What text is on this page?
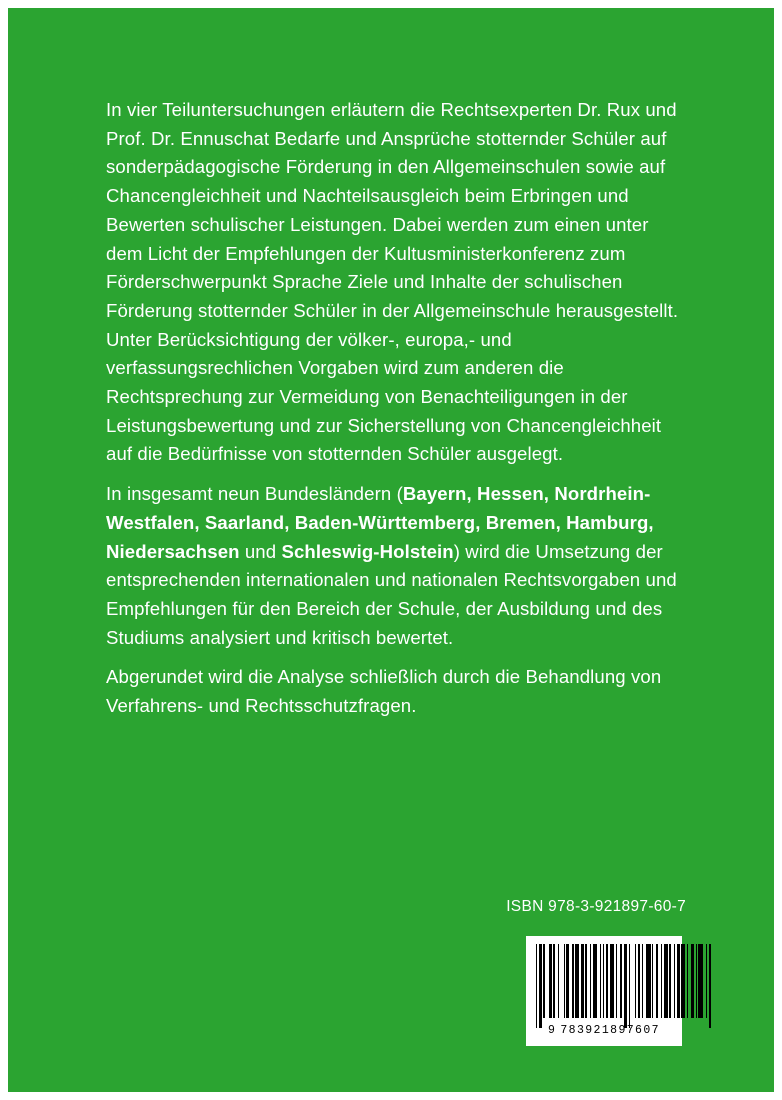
In vier Teiluntersuchungen erläutern die Rechtsexperten Dr. Rux und Prof. Dr. Ennuschat Bedarfe und Ansprüche stotternder Schüler auf sonderpädagogische Förderung in den Allgemeinschulen sowie auf Chancengleichheit und Nachteilsausgleich beim Erbringen und Bewerten schulischer Leistungen. Dabei werden zum einen unter dem Licht der Empfehlungen der Kultusministerkonferenz zum Förderschwerpunkt Sprache Ziele und Inhalte der schulischen Förderung stotternder Schüler in der Allgemeinschule herausgestellt. Unter Berücksichtigung der völker-, europa,- und verfassungsrechlichen Vorgaben wird zum anderen die Rechtsprechung zur Vermeidung von Benachteiligungen in der Leistungsbewertung und zur Sicherstellung von Chancengleichheit auf die Bedürfnisse von stotternden Schüler ausgelegt.

In insgesamt neun Bundesländern (Bayern, Hessen, Nordrhein-Westfalen, Saarland, Baden-Württemberg, Bremen, Hamburg, Niedersachsen und Schleswig-Holstein) wird die Umsetzung der entsprechenden internationalen und nationalen Rechtsvorgaben und Empfehlungen für den Bereich der Schule, der Ausbildung und des Studiums analysiert und kritisch bewertet.

Abgerundet wird die Analyse schließlich durch die Behandlung von Verfahrens- und Rechtsschutzfragen.

ISBN 978-3-921897-60-7
9 783921897607
